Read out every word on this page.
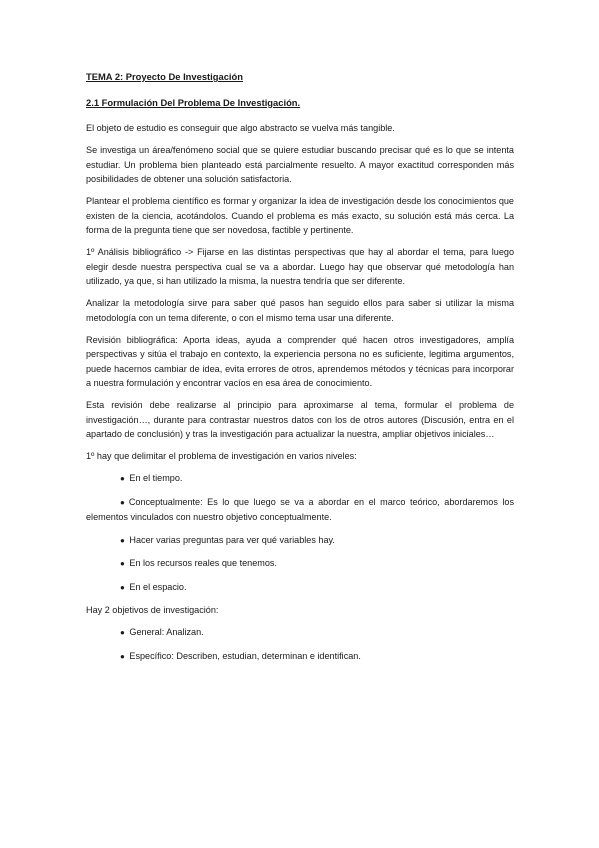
TEMA 2: Proyecto De Investigación

2.1 Formulación Del Problema De Investigación.

El objeto de estudio es conseguir que algo abstracto se vuelva más tangible.

Se investiga un área/fenómeno social que se quiere estudiar buscando precisar qué es lo que se intenta estudiar. Un problema bien planteado está parcialmente resuelto. A mayor exactitud corresponden más posibilidades de obtener una solución satisfactoria.

Plantear el problema científico es formar y organizar la idea de investigación desde los conocimientos que existen de la ciencia, acotándolos. Cuando el problema es más exacto, su solución está más cerca. La forma de la pregunta tiene que ser novedosa, factible y pertinente.

1º Análisis bibliográfico -> Fijarse en las distintas perspectivas que hay al abordar el tema, para luego elegir desde nuestra perspectiva cual se va a abordar. Luego hay que observar qué metodología han utilizado, ya que, si han utilizado la misma, la nuestra tendría que ser diferente.

Analizar la metodología sirve para saber qué pasos han seguido ellos para saber si utilizar la misma metodología con un tema diferente, o con el mismo tema usar una diferente.

Revisión bibliográfica: Aporta ideas, ayuda a comprender qué hacen otros investigadores, amplía perspectivas y sitúa el trabajo en contexto, la experiencia persona no es suficiente, legitima argumentos, puede hacernos cambiar de idea, evita errores de otros, aprendemos métodos y técnicas para incorporar a nuestra formulación y encontrar vacíos en esa área de conocimiento.

Esta revisión debe realizarse al principio para aproximarse al tema, formular el problema de investigación…, durante para contrastar nuestros datos con los de otros autores (Discusión, entra en el apartado de conclusión) y tras la investigación para actualizar la nuestra, ampliar objetivos iniciales…

1º hay que delimitar el problema de investigación en varios niveles:

● En el tiempo.
● Conceptualmente: Es lo que luego se va a abordar en el marco teórico, abordaremos los elementos vinculados con nuestro objetivo conceptualmente.
● Hacer varias preguntas para ver qué variables hay.
● En los recursos reales que tenemos.
● En el espacio.

Hay 2 objetivos de investigación:

● General: Analizan.
● Específico: Describen, estudian, determinan e identifican.
